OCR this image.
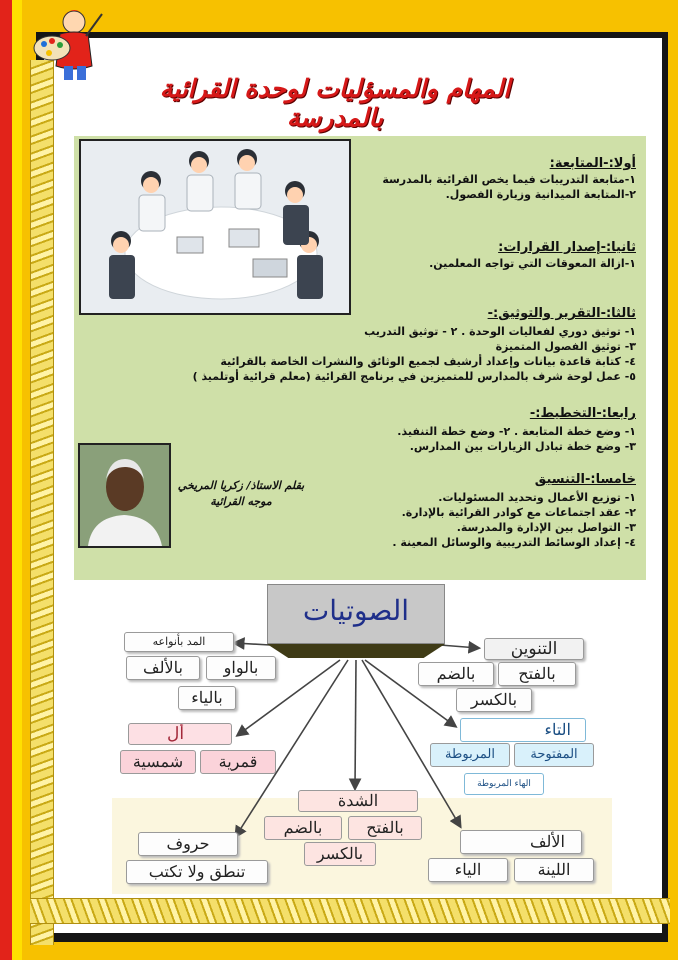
المهام والمسؤليات لوحدة القرائية بالمدرسة
أولا:-المتابعة:
١-متابعة التدريبات فيما يخص القرائية بالمدرسة
٢-المتابعة الميدانية وزيارة الفصول.
ثانيا:-إصدار القرارات:
١-ازالة المعوقات التي تواجه المعلمين.
ثالثا:-التقرير والتوثيق:-
١- توثيق دوري لفعاليات الوحدة . ٢ - توثيق التدريب
٣- توثيق الفصول المتميزة
٤- كتابة قاعدة بيانات وإعداد أرشيف لجميع الوثائق والنشرات الخاصة بالقرائية
٥- عمل لوحة شرف بالمدارس للمتميزين في برنامج القرائية (معلم قرائية أوتلميذ )
رابعا:-التخطيط:-
١- وضع خطة المتابعة . ٢- وضع خطة التنفيذ.
٣- وضع خطة تبادل الزيارات بين المدارس.
خامسا:-التنسيق
١- توزيع الأعمال وتحديد المسئوليات.
٢- عقد اجتماعات مع كوادر القرائية بالإدارة.
٣- التواصل بين الإدارة والمدرسة.
٤- إعداد الوسائط التدريبية والوسائل المعينة .
بقلم الاستاذ/ زكريا المريخي
موجه القرائية
الصوتيات
المد بأنواعه
بالواو
بالألف
بالياء
التنوين
بالضم	بالفتح
بالكسر
أل
قمرية
شمسية
التاء
المفتوحة
المربوطة
الهاء المربوطة
الشدة
بالفتح
بالضم
بالكسر
حروف
تنطق ولا تكتب
الألف
اللينة
الياء
